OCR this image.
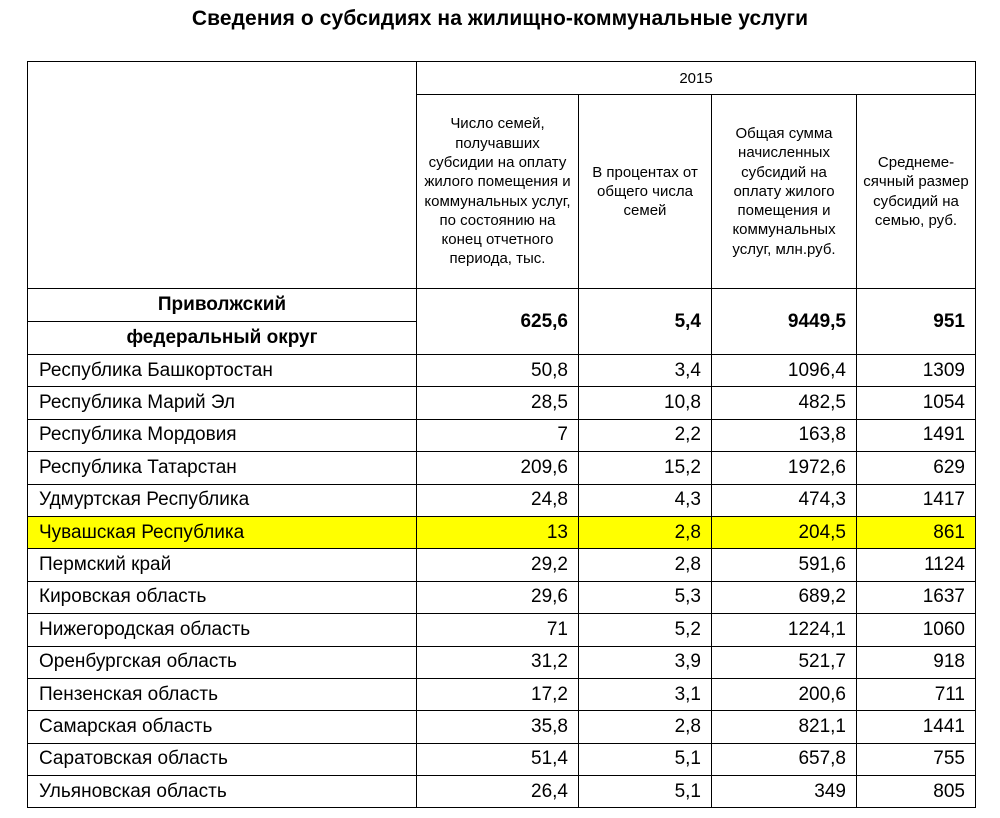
Сведения о субсидиях на жилищно-коммунальные услуги
	2015			
	Число семей, получавших субсидии на оплату жилого помещения и коммунальных услуг, по состоянию на конец отчетного периода, тыс.	В процентах от общего числа семей	Общая сумма начисленных субсидий на оплату жилого помещения и коммунальных услуг, млн.руб.	Среднеме-сячный размер субсидий на семью, руб.
Приволжский	625,6	5,4	9449,5	951
федеральный округ				
Республика Башкортостан	50,8	3,4	1096,4	1309
Республика Марий Эл	28,5	10,8	482,5	1054
Республика Мордовия	7	2,2	163,8	1491
Республика Татарстан	209,6	15,2	1972,6	629
Удмуртская Республика	24,8	4,3	474,3	1417
Чувашская Республика	13	2,8	204,5	861
Пермский край	29,2	2,8	591,6	1124
Кировская область	29,6	5,3	689,2	1637
Нижегородская область	71	5,2	1224,1	1060
Оренбургская область	31,2	3,9	521,7	918
Пензенская область	17,2	3,1	200,6	711
Самарская область	35,8	2,8	821,1	1441
Саратовская область	51,4	5,1	657,8	755
Ульяновская область	26,4	5,1	349	805
